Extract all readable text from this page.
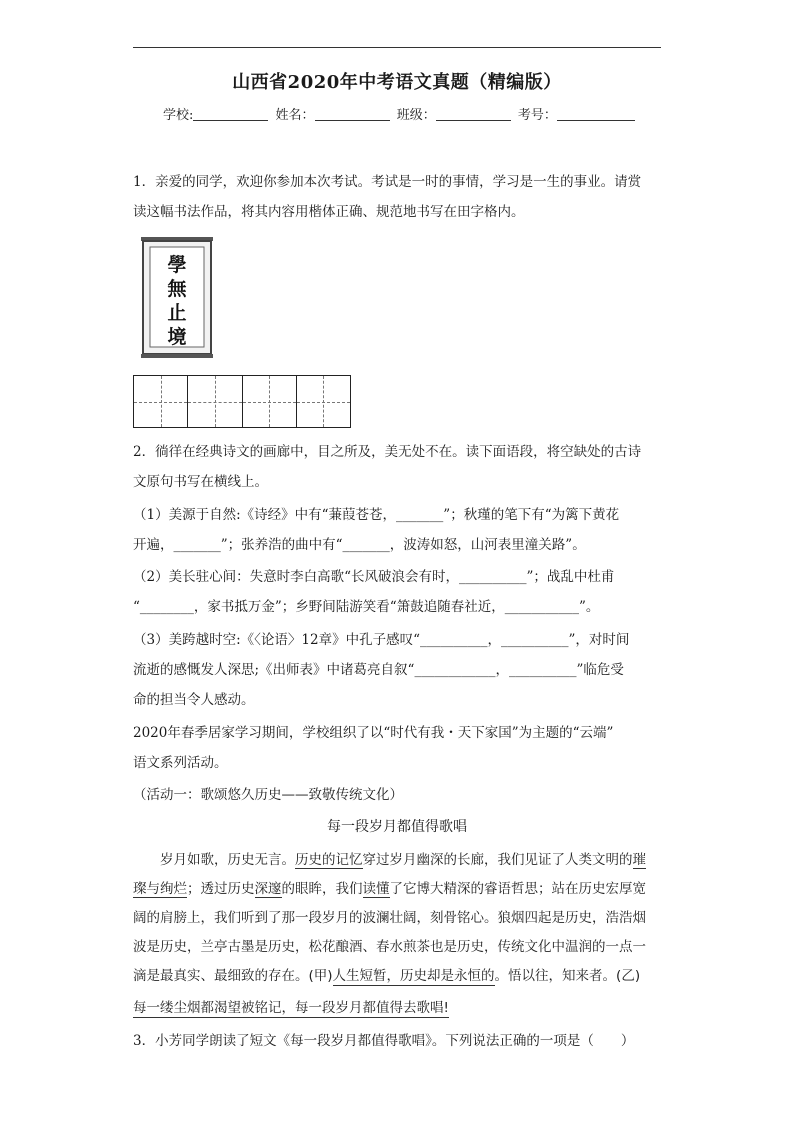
山西省2020年中考语文真题（精编版）
学校:	姓名：	班级：	考号：
1．亲爱的同学，欢迎你参加本次考试。考试是一时的事情，学习是一生的事业。请赏
读这幅书法作品，将其内容用楷体正确、规范地书写在田字格内。
學
無
止
境
2．徜徉在经典诗文的画廊中，目之所及，美无处不在。读下面语段，将空缺处的古诗
文原句书写在横线上。
（1）美源于自然:《诗经》中有“蒹葭苍苍，_______”；秋瑾的笔下有“为篱下黄花
开遍，_______”；张养浩的曲中有“_______，波涛如怒，山河表里潼关路”。
（2）美长驻心间：失意时李白高歌“长风破浪会有时，__________”；战乱中杜甫
“________，家书抵万金”；乡野间陆游笑看“箫鼓追随春社近，___________”。
（3）美跨越时空:《〈论语〉12章》中孔子感叹“__________，__________”，对时间
流逝的感慨发人深思;《出师表》中诸葛亮自叙“____________，__________”临危受
命的担当令人感动。
2020年春季居家学习期间，学校组织了以“时代有我・天下家国”为主题的“云端”
语文系列活动。
（活动一：歌颂悠久历史——致敬传统文化）
每一段岁月都值得歌唱
　　岁月如歌，历史无言。历史的记忆穿过岁月幽深的长廊，我们见证了人类文明的璀
璨与绚烂；透过历史深邃的眼眸，我们读懂了它博大精深的睿语哲思；站在历史宏厚宽
阔的肩膀上，我们听到了那一段岁月的波澜壮阔，刻骨铭心。狼烟四起是历史，浩浩烟
波是历史，兰亭古墨是历史，松花酿酒、春水煎茶也是历史，传统文化中温润的一点一
滴是最真实、最细致的存在。(甲)人生短暂，历史却是永恒的。悟以往，知来者。(乙)
每一缕尘烟都渴望被铭记，每一段岁月都值得去歌唱!
3．小芳同学朗读了短文《每一段岁月都值得歌唱》。下列说法正确的一项是（　　）
